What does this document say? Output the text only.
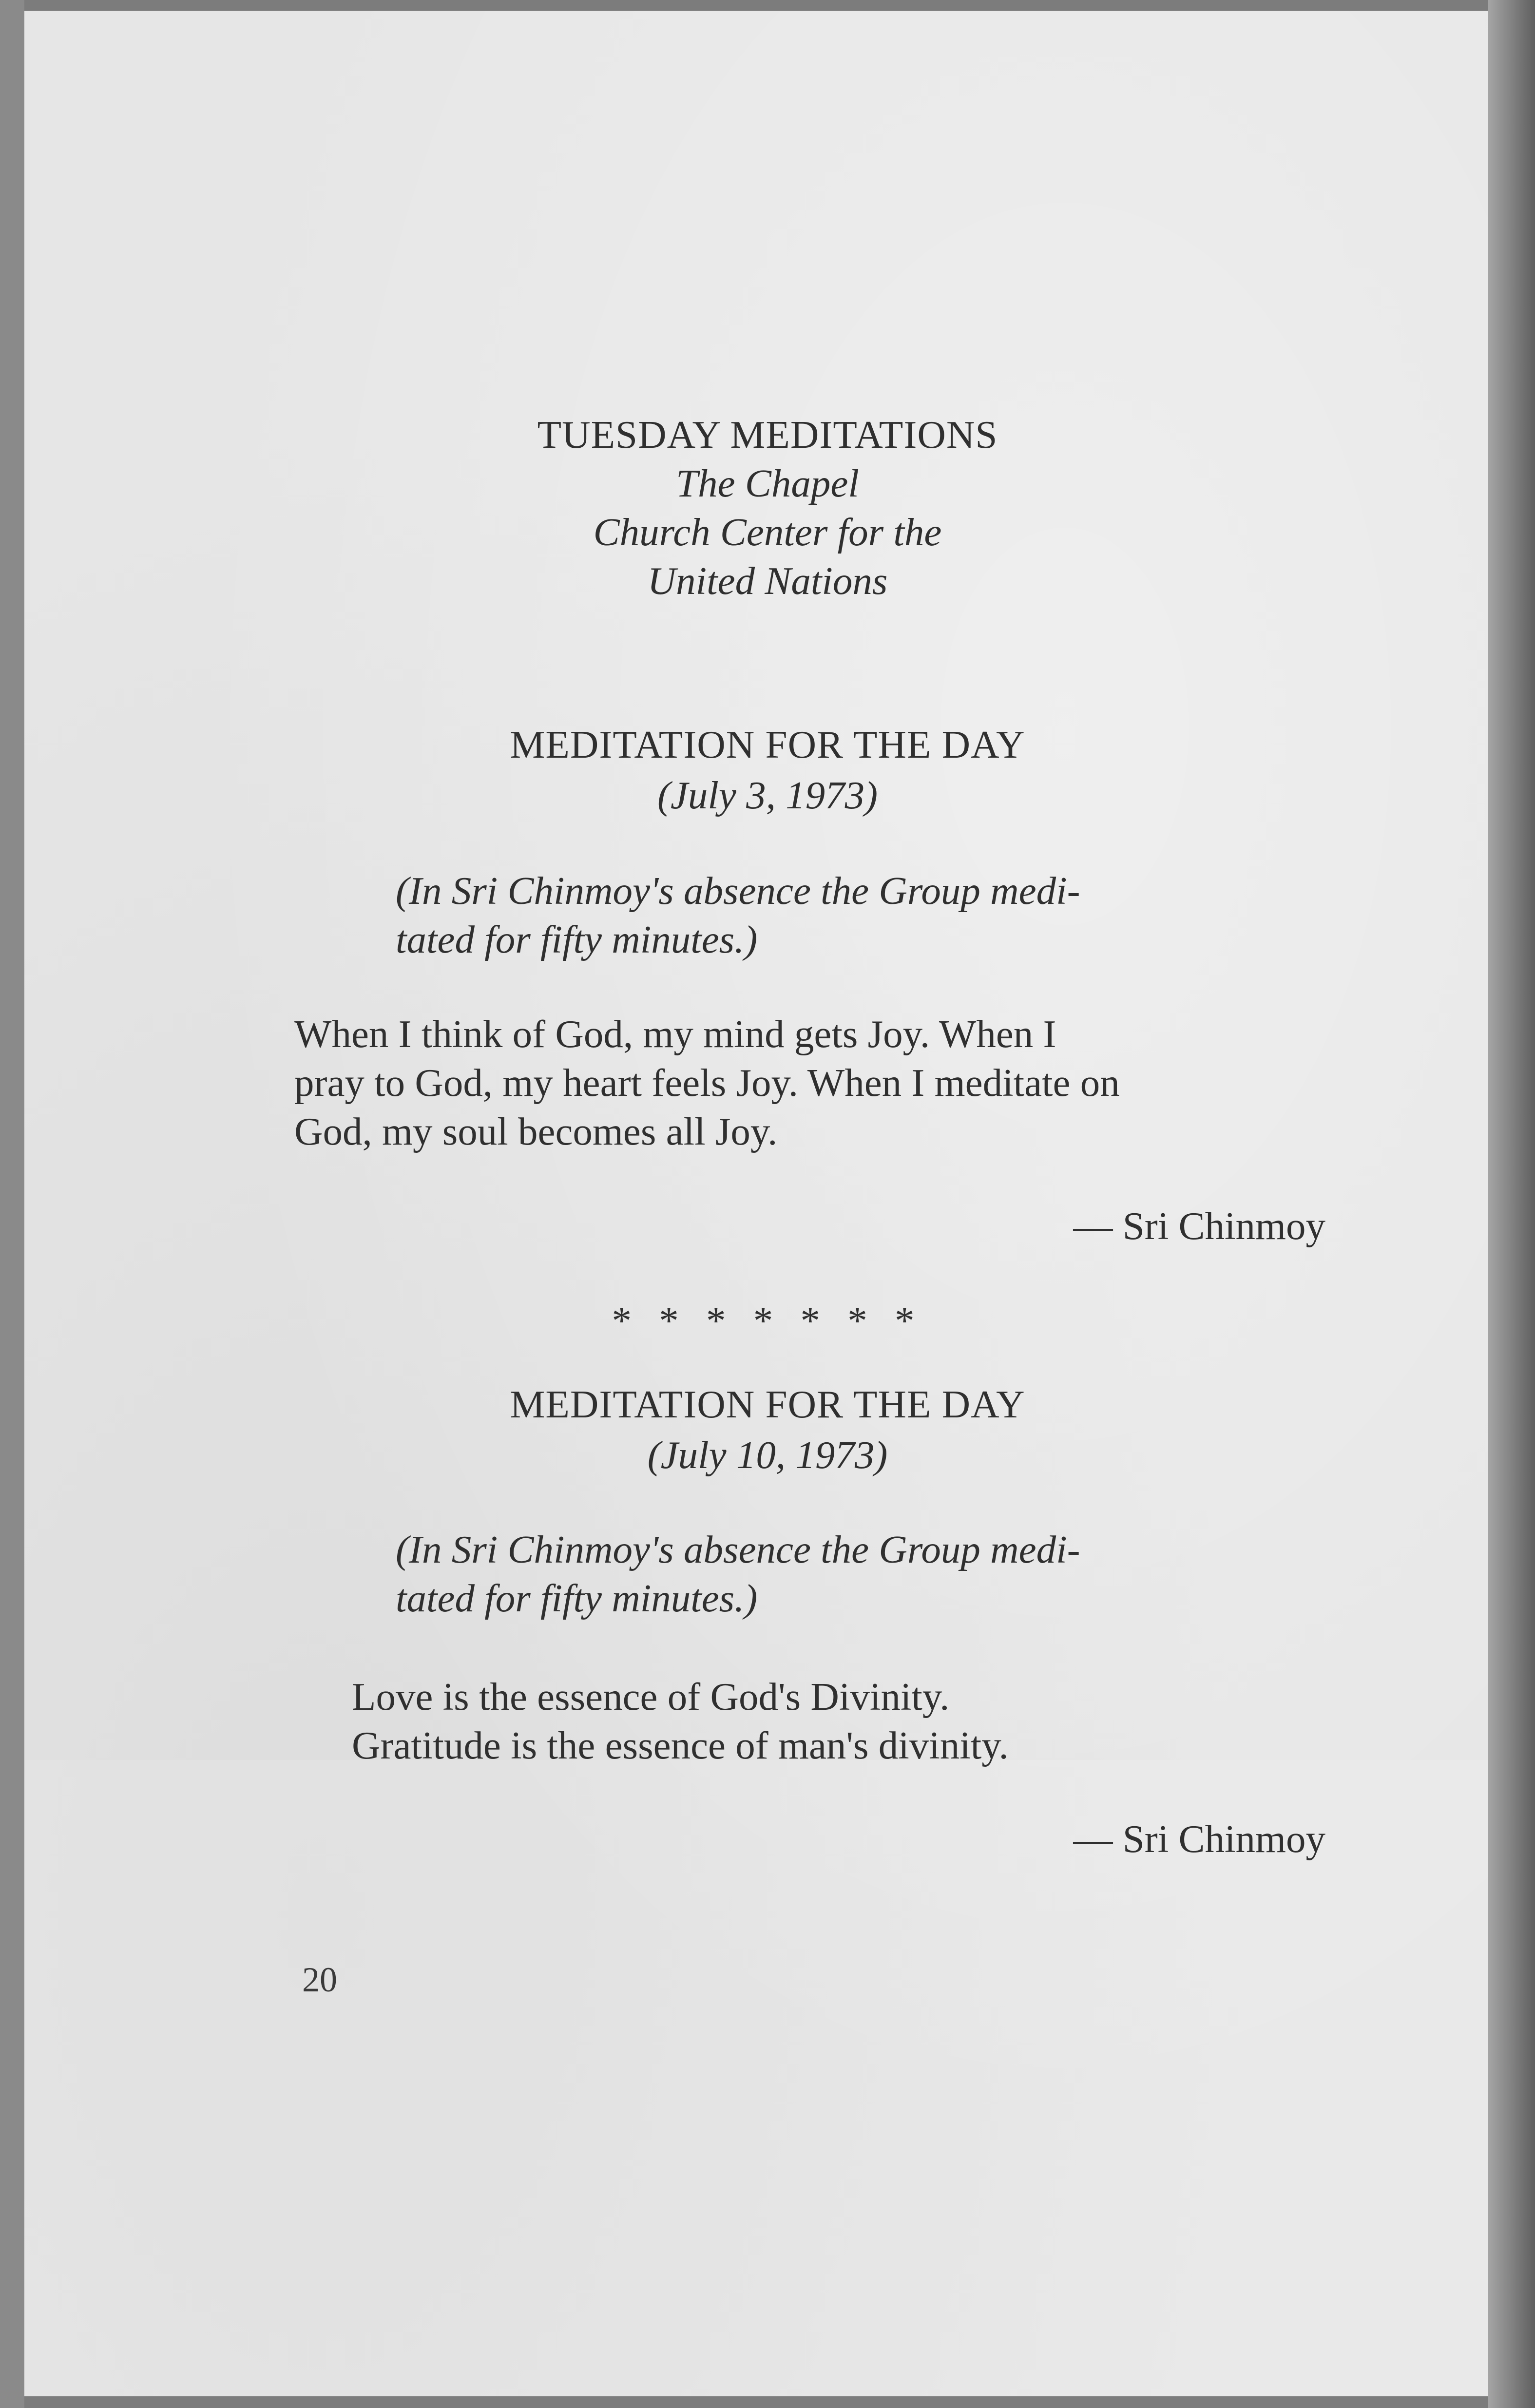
TUESDAY MEDITATIONS
The Chapel
Church Center for the
United Nations
MEDITATION FOR THE DAY
(July 3, 1973)

(In Sri Chinmoy's absence the Group medi-

tated for fifty minutes.)

When I think of God, my mind gets Joy. When I

pray to God, my heart feels Joy. When I meditate on

God, my soul becomes all Joy.

— Sri Chinmoy
* * * * * * *
MEDITATION FOR THE DAY
(July 10, 1973)

(In Sri Chinmoy's absence the Group medi-

tated for fifty minutes.)

Love is the essence of God's Divinity.

Gratitude is the essence of man's divinity.

— Sri Chinmoy
20
